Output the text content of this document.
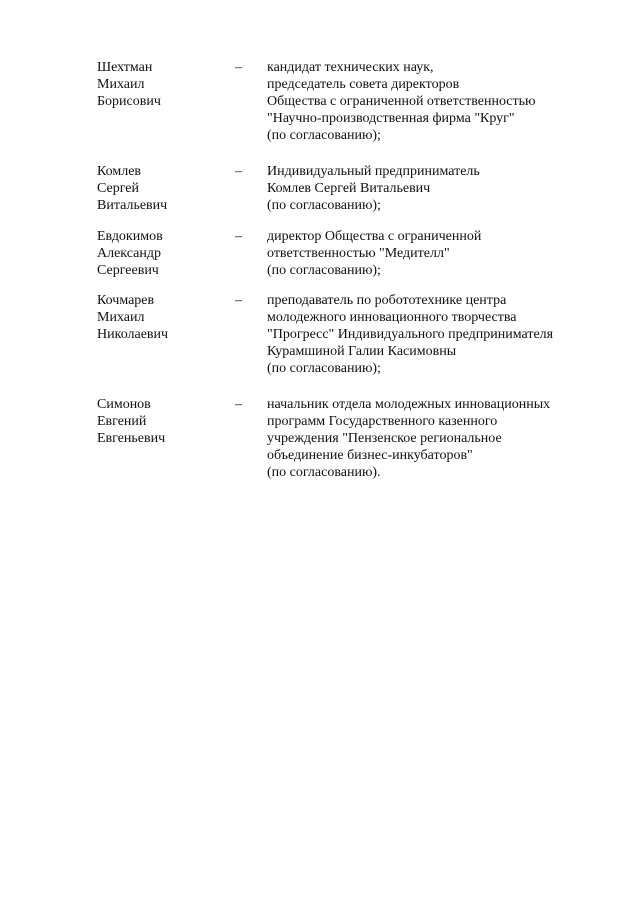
Шехтман
Михаил
Борисович
–	кандидат технических наук,
председатель совета директоров
Общества с ограниченной ответственностью
"Научно-производственная фирма "Круг"
(по согласованию);
Комлев
Сергей
Витальевич
–	Индивидуальный предприниматель
Комлев Сергей Витальевич
(по согласованию);
Евдокимов
Александр
Сергеевич
–	директор Общества с ограниченной
ответственностью "Медителл"
(по согласованию);
Кочмарев
Михаил
Николаевич
–	преподаватель по робототехнике центра
молодежного инновационного творчества
"Прогресс" Индивидуального предпринимателя
Курамшиной Галии Касимовны
(по согласованию);
Симонов
Евгений
Евгеньевич
–	начальник отдела молодежных инновационных
программ Государственного казенного
учреждения "Пензенское региональное
объединение бизнес-инкубаторов"
(по согласованию).
